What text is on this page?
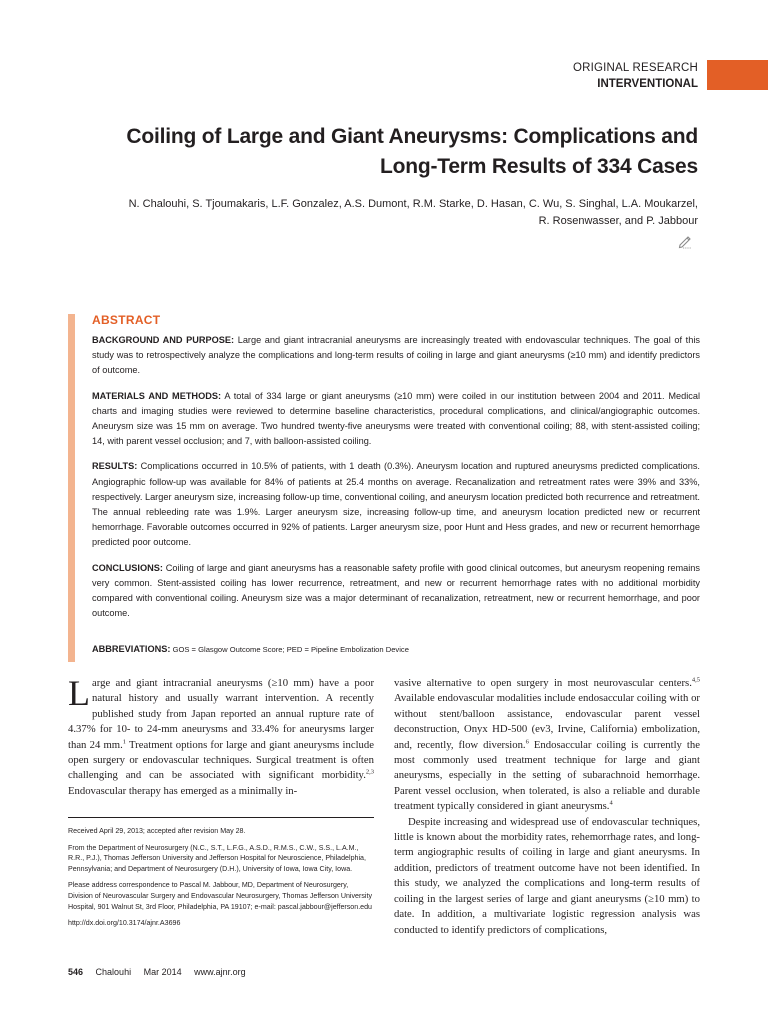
ORIGINAL RESEARCH
INTERVENTIONAL
Coiling of Large and Giant Aneurysms: Complications and
Long-Term Results of 334 Cases
N. Chalouhi, S. Tjoumakaris, L.F. Gonzalez, A.S. Dumont, R.M. Starke, D. Hasan, C. Wu, S. Singhal, L.A. Moukarzel,
R. Rosenwasser, and P. Jabbour
ABSTRACT

BACKGROUND AND PURPOSE: Large and giant intracranial aneurysms are increasingly treated with endovascular techniques. The goal of this study was to retrospectively analyze the complications and long-term results of coiling in large and giant aneurysms (≥10 mm) and identify predictors of outcome.

MATERIALS AND METHODS: A total of 334 large or giant aneurysms (≥10 mm) were coiled in our institution between 2004 and 2011. Medical charts and imaging studies were reviewed to determine baseline characteristics, procedural complications, and clinical/angiographic outcomes. Aneurysm size was 15 mm on average. Two hundred twenty-five aneurysms were treated with conventional coiling; 88, with stent-assisted coiling; 14, with parent vessel occlusion; and 7, with balloon-assisted coiling.

RESULTS: Complications occurred in 10.5% of patients, with 1 death (0.3%). Aneurysm location and ruptured aneurysms predicted complications. Angiographic follow-up was available for 84% of patients at 25.4 months on average. Recanalization and retreatment rates were 39% and 33%, respectively. Larger aneurysm size, increasing follow-up time, conventional coiling, and aneurysm location predicted both recurrence and retreatment. The annual rebleeding rate was 1.9%. Larger aneurysm size, increasing follow-up time, and aneurysm location predicted new or recurrent hemorrhage. Favorable outcomes occurred in 92% of patients. Larger aneurysm size, poor Hunt and Hess grades, and new or recurrent hemorrhage predicted poor outcome.

CONCLUSIONS: Coiling of large and giant aneurysms has a reasonable safety profile with good clinical outcomes, but aneurysm reopening remains very common. Stent-assisted coiling has lower recurrence, retreatment, and new or recurrent hemorrhage rates with no additional morbidity compared with conventional coiling. Aneurysm size was a major determinant of recanalization, retreatment, new or recurrent hemorrhage, and poor outcome.

ABBREVIATIONS: GOS = Glasgow Outcome Score; PED = Pipeline Embolization Device

Large and giant intracranial aneurysms (≥10 mm) have a poor natural history and usually warrant intervention. A recently published study from Japan reported an annual rupture rate of 4.37% for 10- to 24-mm aneurysms and 33.4% for aneurysms larger than 24 mm.$^1$ Treatment options for large and giant aneurysms include open surgery or endovascular techniques. Surgical treatment is often challenging and can be associated with significant morbidity.$^{2,3}$ Endovascular therapy has emerged as a minimally in-

Received April 29, 2013; accepted after revision May 28.

From the Department of Neurosurgery (N.C., S.T., L.F.G., A.S.D., R.M.S., C.W., S.S., L.A.M., R.R., P.J.), Thomas Jefferson University and Jefferson Hospital for Neuroscience, Philadelphia, Pennsylvania; and Department of Neurosurgery (D.H.), University of Iowa, Iowa City, Iowa.

Please address correspondence to Pascal M. Jabbour, MD, Department of Neurosurgery, Division of Neurovascular Surgery and Endovascular Neurosurgery, Thomas Jefferson University Hospital, 901 Walnut St, 3rd Floor, Philadelphia, PA 19107; e-mail: pascal.jabbour@jefferson.edu

http://dx.doi.org/10.3174/ajnr.A3696

vasive alternative to open surgery in most neurovascular centers.$^{4,5}$ Available endovascular modalities include endosaccular coiling with or without stent/balloon assistance, endovascular parent vessel deconstruction, Onyx HD-500 (ev3, Irvine, California) embolization, and, recently, flow diversion.$^6$ Endosaccular coiling is currently the most commonly used treatment technique for large and giant aneurysms, especially in the setting of subarachnoid hemorrhage. Parent vessel occlusion, when tolerated, is also a reliable and durable treatment typically considered in giant aneurysms.$^4$

Despite increasing and widespread use of endovascular techniques, little is known about the morbidity rates, rehemorrhage rates, and long-term angiographic results of coiling in large and giant aneurysms. In addition, predictors of treatment outcome have not been identified. In this study, we analyzed the complications and long-term results of coiling in the largest series of large and giant aneurysms (≥10 mm) to date. In addition, a multivariate logistic regression analysis was conducted to identify predictors of complications,

546 Chalouhi Mar 2014 www.ajnr.org
